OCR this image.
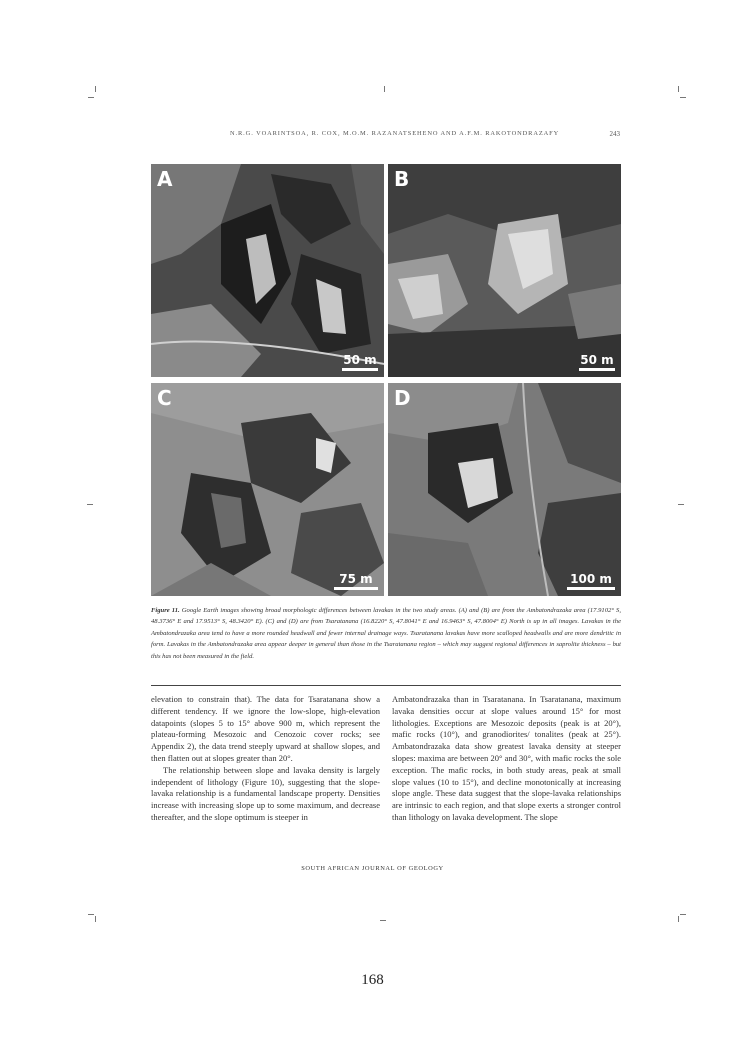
N.R.G. VOARINTSOA, R. COX, M.O.M. RAZANATSEHENO AND A.F.M. RAKOTONDRAZAFY	243
A
50 m
B
50 m
C
75 m
D
100 m
Figure 11. Google Earth images showing broad morphologic differences between lavakas in the two study areas. (A) and (B) are from the Ambatondrazaka area (17.9102° S, 48.3736° E and 17.9513° S, 48.3420° E). (C) and (D) are from Tsaratanana (16.8220° S, 47.8041° E and 16.9463° S, 47.8004° E) North is up in all images. Lavakas in the Ambatondrazaka area tend to have a more rounded headwall and fewer internal drainage ways. Tsaratanana lavakas have more scalloped headwalls and are more dendritic in form. Lavakas in the Ambatondrazaka area appear deeper in general than those in the Tsaratanana region – which may suggest regional differences in saprolite thickness – but this has not been measured in the field.

elevation to constrain that). The data for Tsaratanana show a different tendency. If we ignore the low-slope, high-elevation datapoints (slopes 5 to 15° above 900 m, which represent the plateau-forming Mesozoic and Cenozoic cover rocks; see Appendix 2), the data trend steeply upward at shallow slopes, and then flatten out at slopes greater than 20°.

The relationship between slope and lavaka density is largely independent of lithology (Figure 10), suggesting that the slope-lavaka relationship is a fundamental landscape property. Densities increase with increasing slope up to some maximum, and decrease thereafter, and the slope optimum is steeper in

Ambatondrazaka than in Tsaratanana. In Tsaratanana, maximum lavaka densities occur at slope values around 15° for most lithologies. Exceptions are Mesozoic deposits (peak is at 20°), mafic rocks (10°), and granodiorites/ tonalites (peak at 25°). Ambatondrazaka data show greatest lavaka density at steeper slopes: maxima are between 20° and 30°, with mafic rocks the sole exception. The mafic rocks, in both study areas, peak at small slope values (10 to 15°), and decline monotonically at increasing slope angle. These data suggest that the slope-lavaka relationships are intrinsic to each region, and that slope exerts a stronger control than lithology on lavaka development. The slope

SOUTH AFRICAN JOURNAL OF GEOLOGY
168
